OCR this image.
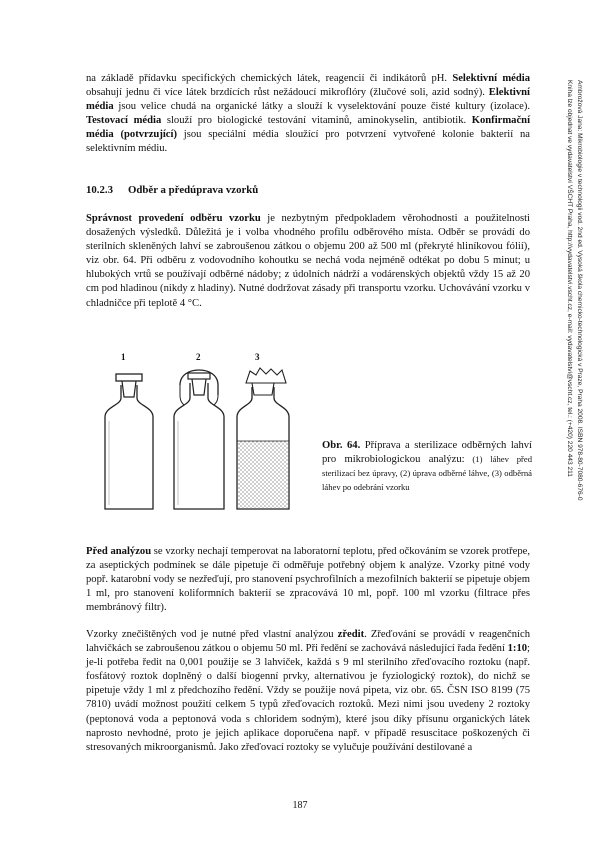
na základě přídavku specifických chemických látek, reagencií či indikátorů pH. Selektivní média obsahují jednu či více látek brzdících růst nežádoucí mikroflóry (žlučové soli, azid sodný). Elektivní média jsou velice chudá na organické látky a slouží k vyselektování pouze čisté kultury (izolace). Testovací média slouží pro biologické testování vitaminů, aminokyselin, antibiotik. Konfirmační média (potvrzující) jsou speciální média sloužící pro potvrzení vytvořené kolonie bakterií na selektivním médiu.

10.2.3 Odběr a předúprava vzorků

Správnost provedení odběru vzorku je nezbytným předpokladem věrohodnosti a použitelnosti dosažených výsledků. Důležitá je i volba vhodného profilu odběrového místa. Odběr se provádí do sterilních skleněných lahví se zabroušenou zátkou o objemu 200 až 500 ml (překryté hliníkovou fólií), viz obr. 64. Při odběru z vodovodního kohoutku se nechá voda nejméně odtékat po dobu 5 minut; u hlubokých vrtů se používají odběrné nádoby; z údolních nádrží a vodárenských objektů vždy 15 až 20 cm pod hladinou (nikdy z hladiny). Nutné dodržovat zásady při transportu vzorku. Uchovávání vzorku v chladničce při teplotě 4 °C.

1	2	3
Obr. 64. Příprava a sterilizace odběrných lahví pro mikrobiologickou analýzu: (1) láhev před sterilizací bez úpravy, (2) úprava odběrné láhve, (3) odběrná láhev po odebrání vzorku

Před analýzou se vzorky nechají temperovat na laboratorní teplotu, před očkováním se vzorek protřepe, za aseptických podmínek se dále pipetuje či odměřuje potřebný objem k analýze. Vzorky pitné vody popř. katarobní vody se nezřeďují, pro stanovení psychrofilních a mezofilních bakterií se pipetuje objem 1 ml, pro stanovení koliformních bakterií se zpracovává 10 ml, popř. 100 ml vzorku (filtrace přes membránový filtr).

Vzorky znečištěných vod je nutné před vlastní analýzou zředit. Zřeďování se provádí v reagenčních lahvičkách se zabroušenou zátkou o objemu 50 ml. Při ředění se zachovává následující řada ředění 1:10; je-li potřeba ředit na 0,001 použije se 3 lahviček, každá s 9 ml sterilního zřeďovacího roztoku (např. fosfátový roztok doplněný o další biogenní prvky, alternativou je fyziologický roztok), do nichž se pipetuje vždy 1 ml z předchozího ředění. Vždy se použije nová pipeta, viz obr. 65. ČSN ISO 8199 (75 7810) uvádí možnost použití celkem 5 typů zřeďovacích roztoků. Mezi nimi jsou uvedeny 2 roztoky (peptonová voda a peptonová voda s chloridem sodným), které jsou díky přísunu organických látek naprosto nevhodné, proto je jejich aplikace doporučena např. v případě resuscitace poškozených či stresovaných mikroorganismů. Jako zřeďovací roztoky se vylučuje používání destilované a

Ambrožová Jana: Mikrobiologie v technologii vod. 2nd ed. Vysoká škola chemicko-technologická v Praze, Praha 2008. ISBN 978-80-7080-676-0
Kniha lze objednat ve vydavatelství VŠCHT Praha, http://vydavatelstvi.vscht.cz, e-mail: vydavatelstvi@vscht.cz, tel.: (+420) 220 443 211
187
